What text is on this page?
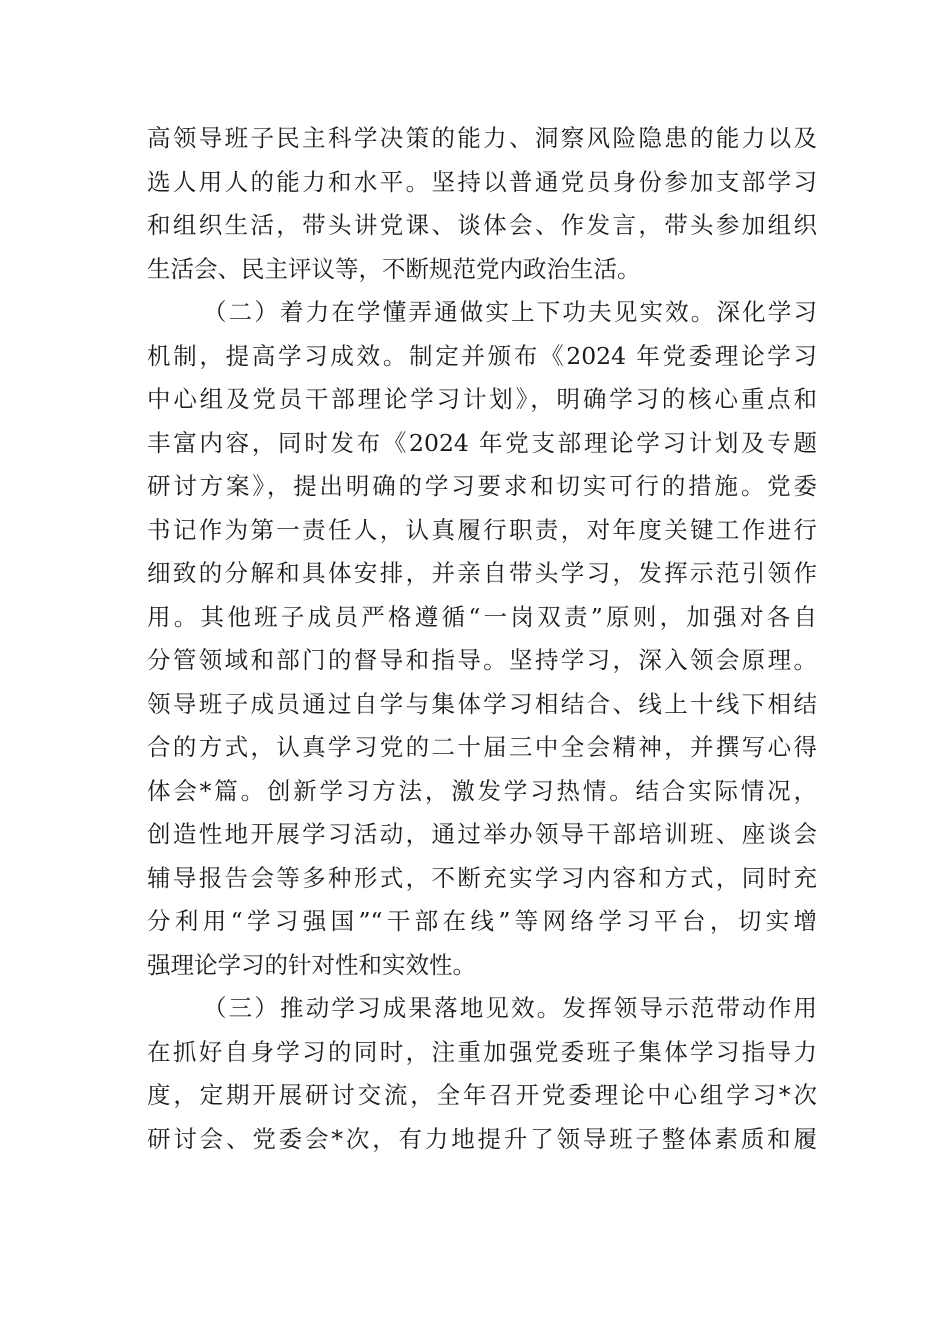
高领导班子民主科学决策的能力、洞察风险隐患的能力以及
选人用人的能力和水平。坚持以普通党员身份参加支部学习
和组织生活，带头讲党课、谈体会、作发言，带头参加组织
生活会、民主评议等，不断规范党内政治生活。
（二）着力在学懂弄通做实上下功夫见实效。深化学习
机制，提高学习成效。制定并颁布《2024 年党委理论学习
中心组及党员干部理论学习计划》，明确学习的核心重点和
丰富内容，同时发布《2024 年党支部理论学习计划及专题
研讨方案》，提出明确的学习要求和切实可行的措施。党委
书记作为第一责任人，认真履行职责，对年度关键工作进行
细致的分解和具体安排，并亲自带头学习，发挥示范引领作
用。其他班子成员严格遵循“一岗双责”原则，加强对各自
分管领域和部门的督导和指导。坚持学习，深入领会原理。
领导班子成员通过自学与集体学习相结合、线上十线下相结
合的方式，认真学习党的二十届三中全会精神，并撰写心得
体会*篇。创新学习方法，激发学习热情。结合实际情况，
创造性地开展学习活动，通过举办领导干部培训班、座谈会
辅导报告会等多种形式，不断充实学习内容和方式，同时充
分利用“学习强国”“干部在线”等网络学习平台，切实增
强理论学习的针对性和实效性。
（三）推动学习成果落地见效。发挥领导示范带动作用
在抓好自身学习的同时，注重加强党委班子集体学习指导力
度，定期开展研讨交流，全年召开党委理论中心组学习*次
研讨会、党委会*次，有力地提升了领导班子整体素质和履
